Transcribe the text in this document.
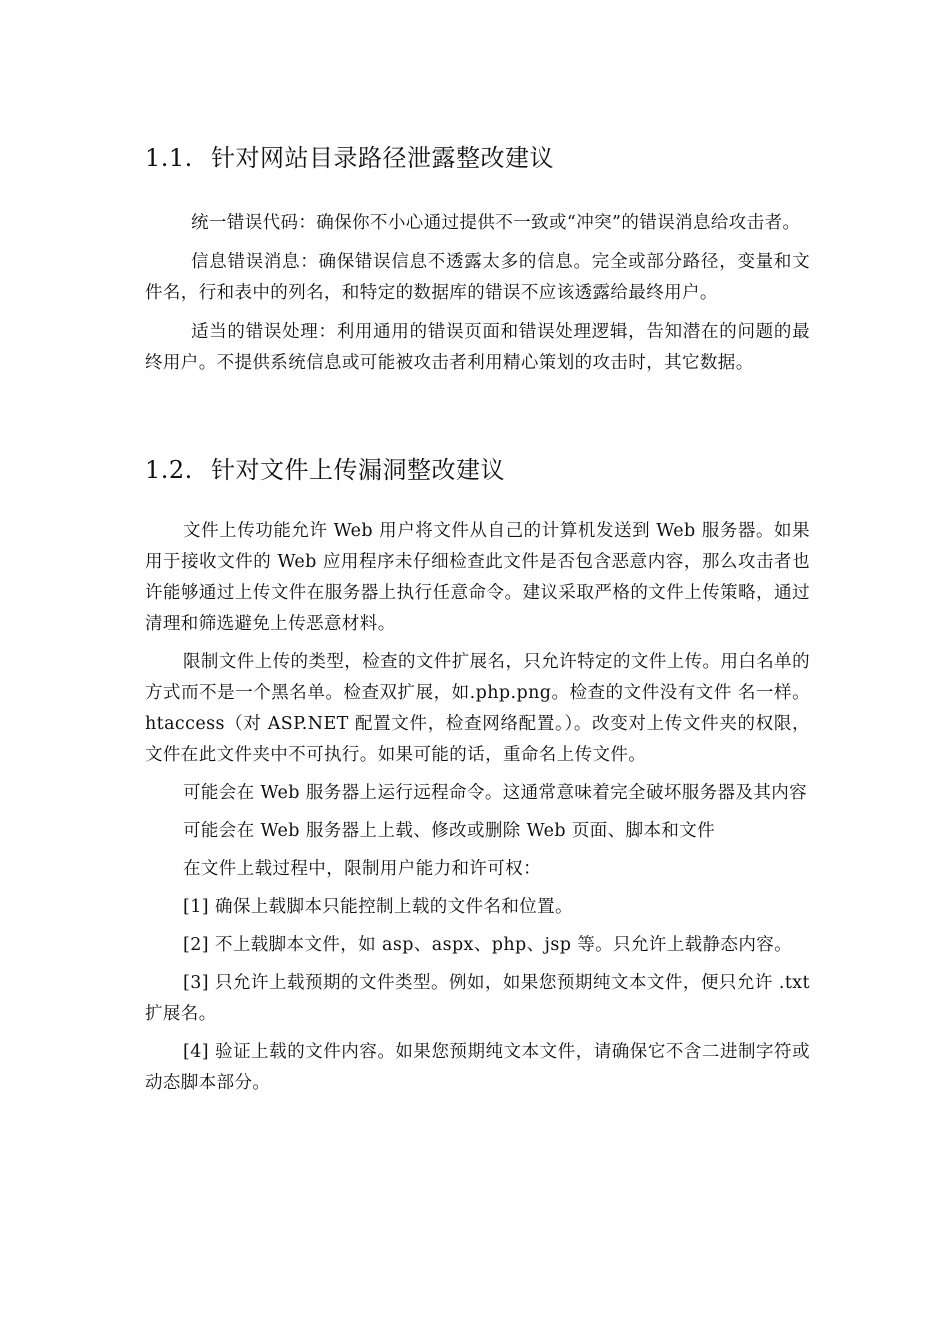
1.1. 针对网站目录路径泄露整改建议

统一错误代码：确保你不小心通过提供不一致或“冲突”的错误消息给攻击者。

信息错误消息：确保错误信息不透露太多的信息。完全或部分路径，变量和文件名，行和表中的列名，和特定的数据库的错误不应该透露给最终用户。

适当的错误处理：利用通用的错误页面和错误处理逻辑，告知潜在的问题的最终用户。不提供系统信息或可能被攻击者利用精心策划的攻击时，其它数据。

1.2. 针对文件上传漏洞整改建议

文件上传功能允许 Web 用户将文件从自己的计算机发送到 Web 服务器。如果用于接收文件的 Web 应用程序未仔细检查此文件是否包含恶意内容，那么攻击者也许能够通过上传文件在服务器上执行任意命令。建议采取严格的文件上传策略，通过清理和筛选避免上传恶意材料。

限制文件上传的类型，检查的文件扩展名，只允许特定的文件上传。用白名单的方式而不是一个黑名单。检查双扩展，如.php.png。检查的文件没有文件 名一样。htaccess（对 ASP.NET 配置文件，检查网络配置。）。改变对上传文件夹的权限，文件在此文件夹中不可执行。如果可能的话，重命名上传文件。

可能会在 Web 服务器上运行远程命令。这通常意味着完全破坏服务器及其内容

可能会在 Web 服务器上上载、修改或删除 Web 页面、脚本和文件

在文件上载过程中，限制用户能力和许可权：

[1] 确保上载脚本只能控制上载的文件名和位置。

[2] 不上载脚本文件，如 asp、aspx、php、jsp 等。只允许上载静态内容。

[3] 只允许上载预期的文件类型。例如，如果您预期纯文本文件，便只允许 .txt 扩展名。

[4] 验证上载的文件内容。如果您预期纯文本文件，请确保它不含二进制字符或动态脚本部分。
